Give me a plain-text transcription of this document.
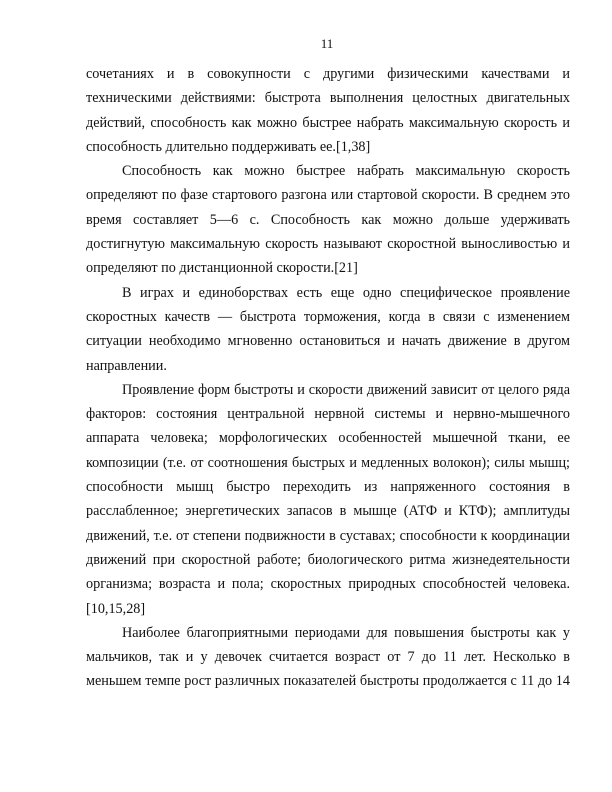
11
сочетаниях и в совокупности с другими физическими качествами и
техническими действиями: быстрота выполнения целостных двигательных
действий, способность как можно быстрее набрать максимальную скорость и
способность длительно поддерживать ее.[1,38]
Способность как можно быстрее набрать максимальную скорость
определяют по фазе стартового разгона или стартовой скорости. В среднем это
время составляет 5—6 с. Способность как можно дольше удерживать
достигнутую максимальную скорость называют скоростной выносливостью и
определяют по дистанционной скорости.[21]
В играх и единоборствах есть еще одно специфическое проявление
скоростных качеств — быстрота торможения, когда в связи с изменением
ситуации необходимо мгновенно остановиться и начать движение в другом
направлении.
Проявление форм быстроты и скорости движений зависит от целого ряда
факторов: состояния центральной нервной системы и нервно-мышечного
аппарата человека; морфологических особенностей мышечной ткани, ее
композиции (т.е. от соотношения быстрых и медленных волокон); силы мышц;
способности мышц быстро переходить из напряженного состояния в
расслабленное; энергетических запасов в мышце (АТФ и КТФ); амплитуды
движений, т.е. от степени подвижности в суставах; способности к координации
движений при скоростной работе; биологического ритма жизнедеятельности
организма; возраста и пола; скоростных природных способностей человека.
[10,15,28]
Наиболее благоприятными периодами для повышения быстроты как у
мальчиков, так и у девочек считается возраст от 7 до 11 лет. Несколько в
меньшем темпе рост различных показателей быстроты продолжается с 11 до 14
